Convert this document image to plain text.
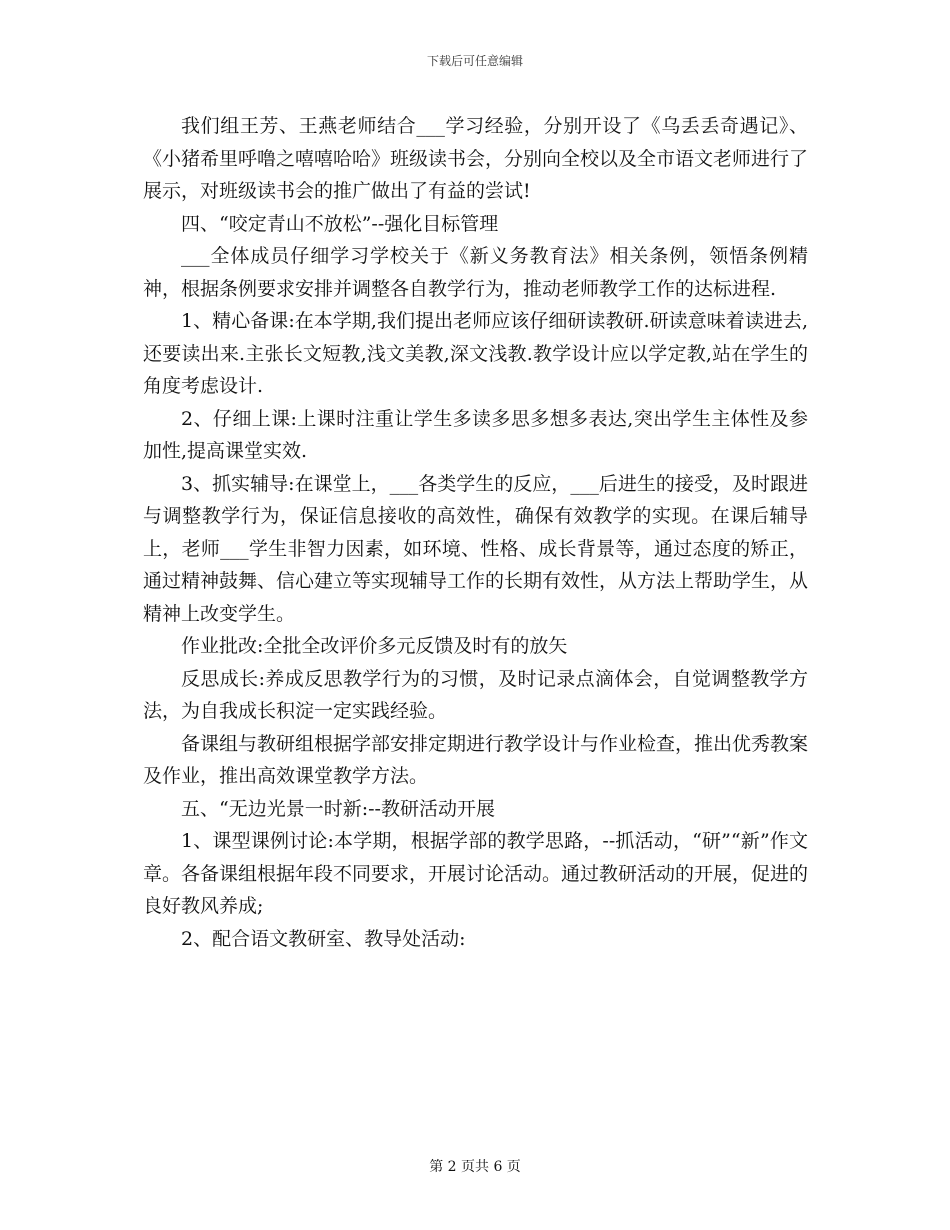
下载后可任意编辑

我们组王芳、王燕老师结合___学习经验，分别开设了《乌丢丢奇遇记》、《小猪希里呼噜之嘻嘻哈哈》班级读书会，分别向全校以及全市语文老师进行了展示，对班级读书会的推广做出了有益的尝试!

四、“咬定青山不放松”--强化目标管理

___全体成员仔细学习学校关于《新义务教育法》相关条例，领悟条例精神，根据条例要求安排并调整各自教学行为，推动老师教学工作的达标进程.

1、精心备课:在本学期,我们提出老师应该仔细研读教研.研读意味着读进去,还要读出来.主张长文短教,浅文美教,深文浅教.教学设计应以学定教,站在学生的角度考虑设计.

2、仔细上课:上课时注重让学生多读多思多想多表达,突出学生主体性及参加性,提高课堂实效.

3、抓实辅导:在课堂上，___各类学生的反应，___后进生的接受，及时跟进与调整教学行为，保证信息接收的高效性，确保有效教学的实现。在课后辅导上，老师___学生非智力因素，如环境、性格、成长背景等，通过态度的矫正，通过精神鼓舞、信心建立等实现辅导工作的长期有效性，从方法上帮助学生，从精神上改变学生。

作业批改:全批全改评价多元反馈及时有的放矢

反思成长:养成反思教学行为的习惯，及时记录点滴体会，自觉调整教学方法，为自我成长积淀一定实践经验。

备课组与教研组根据学部安排定期进行教学设计与作业检查，推出优秀教案及作业，推出高效课堂教学方法。

五、“无边光景一时新:--教研活动开展

1、课型课例讨论:本学期，根据学部的教学思路，--抓活动，“研”“新”作文章。各备课组根据年段不同要求，开展讨论活动。通过教研活动的开展，促进的良好教风养成;

2、配合语文教研室、教导处活动:

第 2 页共 6 页
